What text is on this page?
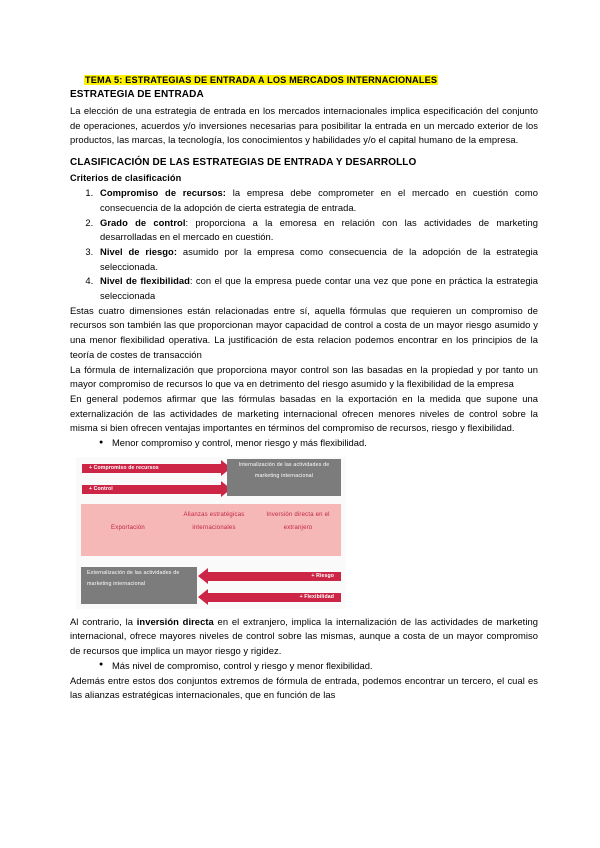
TEMA 5: ESTRATEGIAS DE ENTRADA A LOS MERCADOS INTERNACIONALES
ESTRATEGIA DE ENTRADA

La elección de una estrategia de entrada en los mercados internacionales implica especificación del conjunto de operaciones, acuerdos y/o inversiones necesarias para posibilitar la entrada en un mercado exterior de los productos, las marcas, la tecnología, los conocimientos y habilidades y/o el capital humano de la empresa.

CLASIFICACIÓN DE LAS ESTRATEGIAS DE ENTRADA Y DESARROLLO
Criterios de clasificación
1. Compromiso de recursos: la empresa debe comprometer en el mercado en cuestión como consecuencia de la adopción de cierta estrategia de entrada.
2. Grado de control: proporciona a la emoresa en relación con las actividades de marketing desarrolladas en el mercado en cuestión.
3. Nivel de riesgo: asumido por la empresa como consecuencia de la adopción de la estrategia seleccionada.
4. Nivel de flexibilidad: con el que la empresa puede contar una vez que pone en práctica la estrategia seleccionada

Estas cuatro dimensiones están relacionadas entre sí, aquella fórmulas que requieren un compromiso de recursos son también las que proporcionan mayor capacidad de control a costa de un mayor riesgo asumido y una menor flexibilidad operativa. La justificación de esta relacion podemos encontrar en los principios de la teoría de costes de transacción

La fórmula de internalización que proporciona mayor control son las basadas en la propiedad y por tanto un mayor compromiso de recursos lo que va en detrimento del riesgo asumido y la flexibilidad de la empresa

En general podemos afirmar que las fórmulas basadas en la exportación en la medida que supone una externalización de las actividades de marketing internacional ofrecen menores niveles de control sobre la misma si bien ofrecen ventajas importantes en términos del compromiso de recursos, riesgo y flexibilidad.

● Menor compromiso y control, menor riesgo y más flexibilidad.
+ Compromiso de recursos
+ Control
Internalización de las actividades de marketing internacional
Exportación
Alianzas estratégicas internacionales
Inversión directa en el extranjero
Externalización de las actividades de marketing internacional
+ Riesgo
+ Flexibilidad

Al contrario, la inversión directa en el extranjero, implica la internalización de las actividades de marketing internacional, ofrece mayores niveles de control sobre las mismas, aunque a costa de un mayor compromiso de recursos que implica un mayor riesgo y rigidez.

● Más nivel de compromiso, control y riesgo y menor flexibilidad.

Además entre estos dos conjuntos extremos de fórmula de entrada, podemos encontrar un tercero, el cual es las alianzas estratégicas internacionales, que en función de las
